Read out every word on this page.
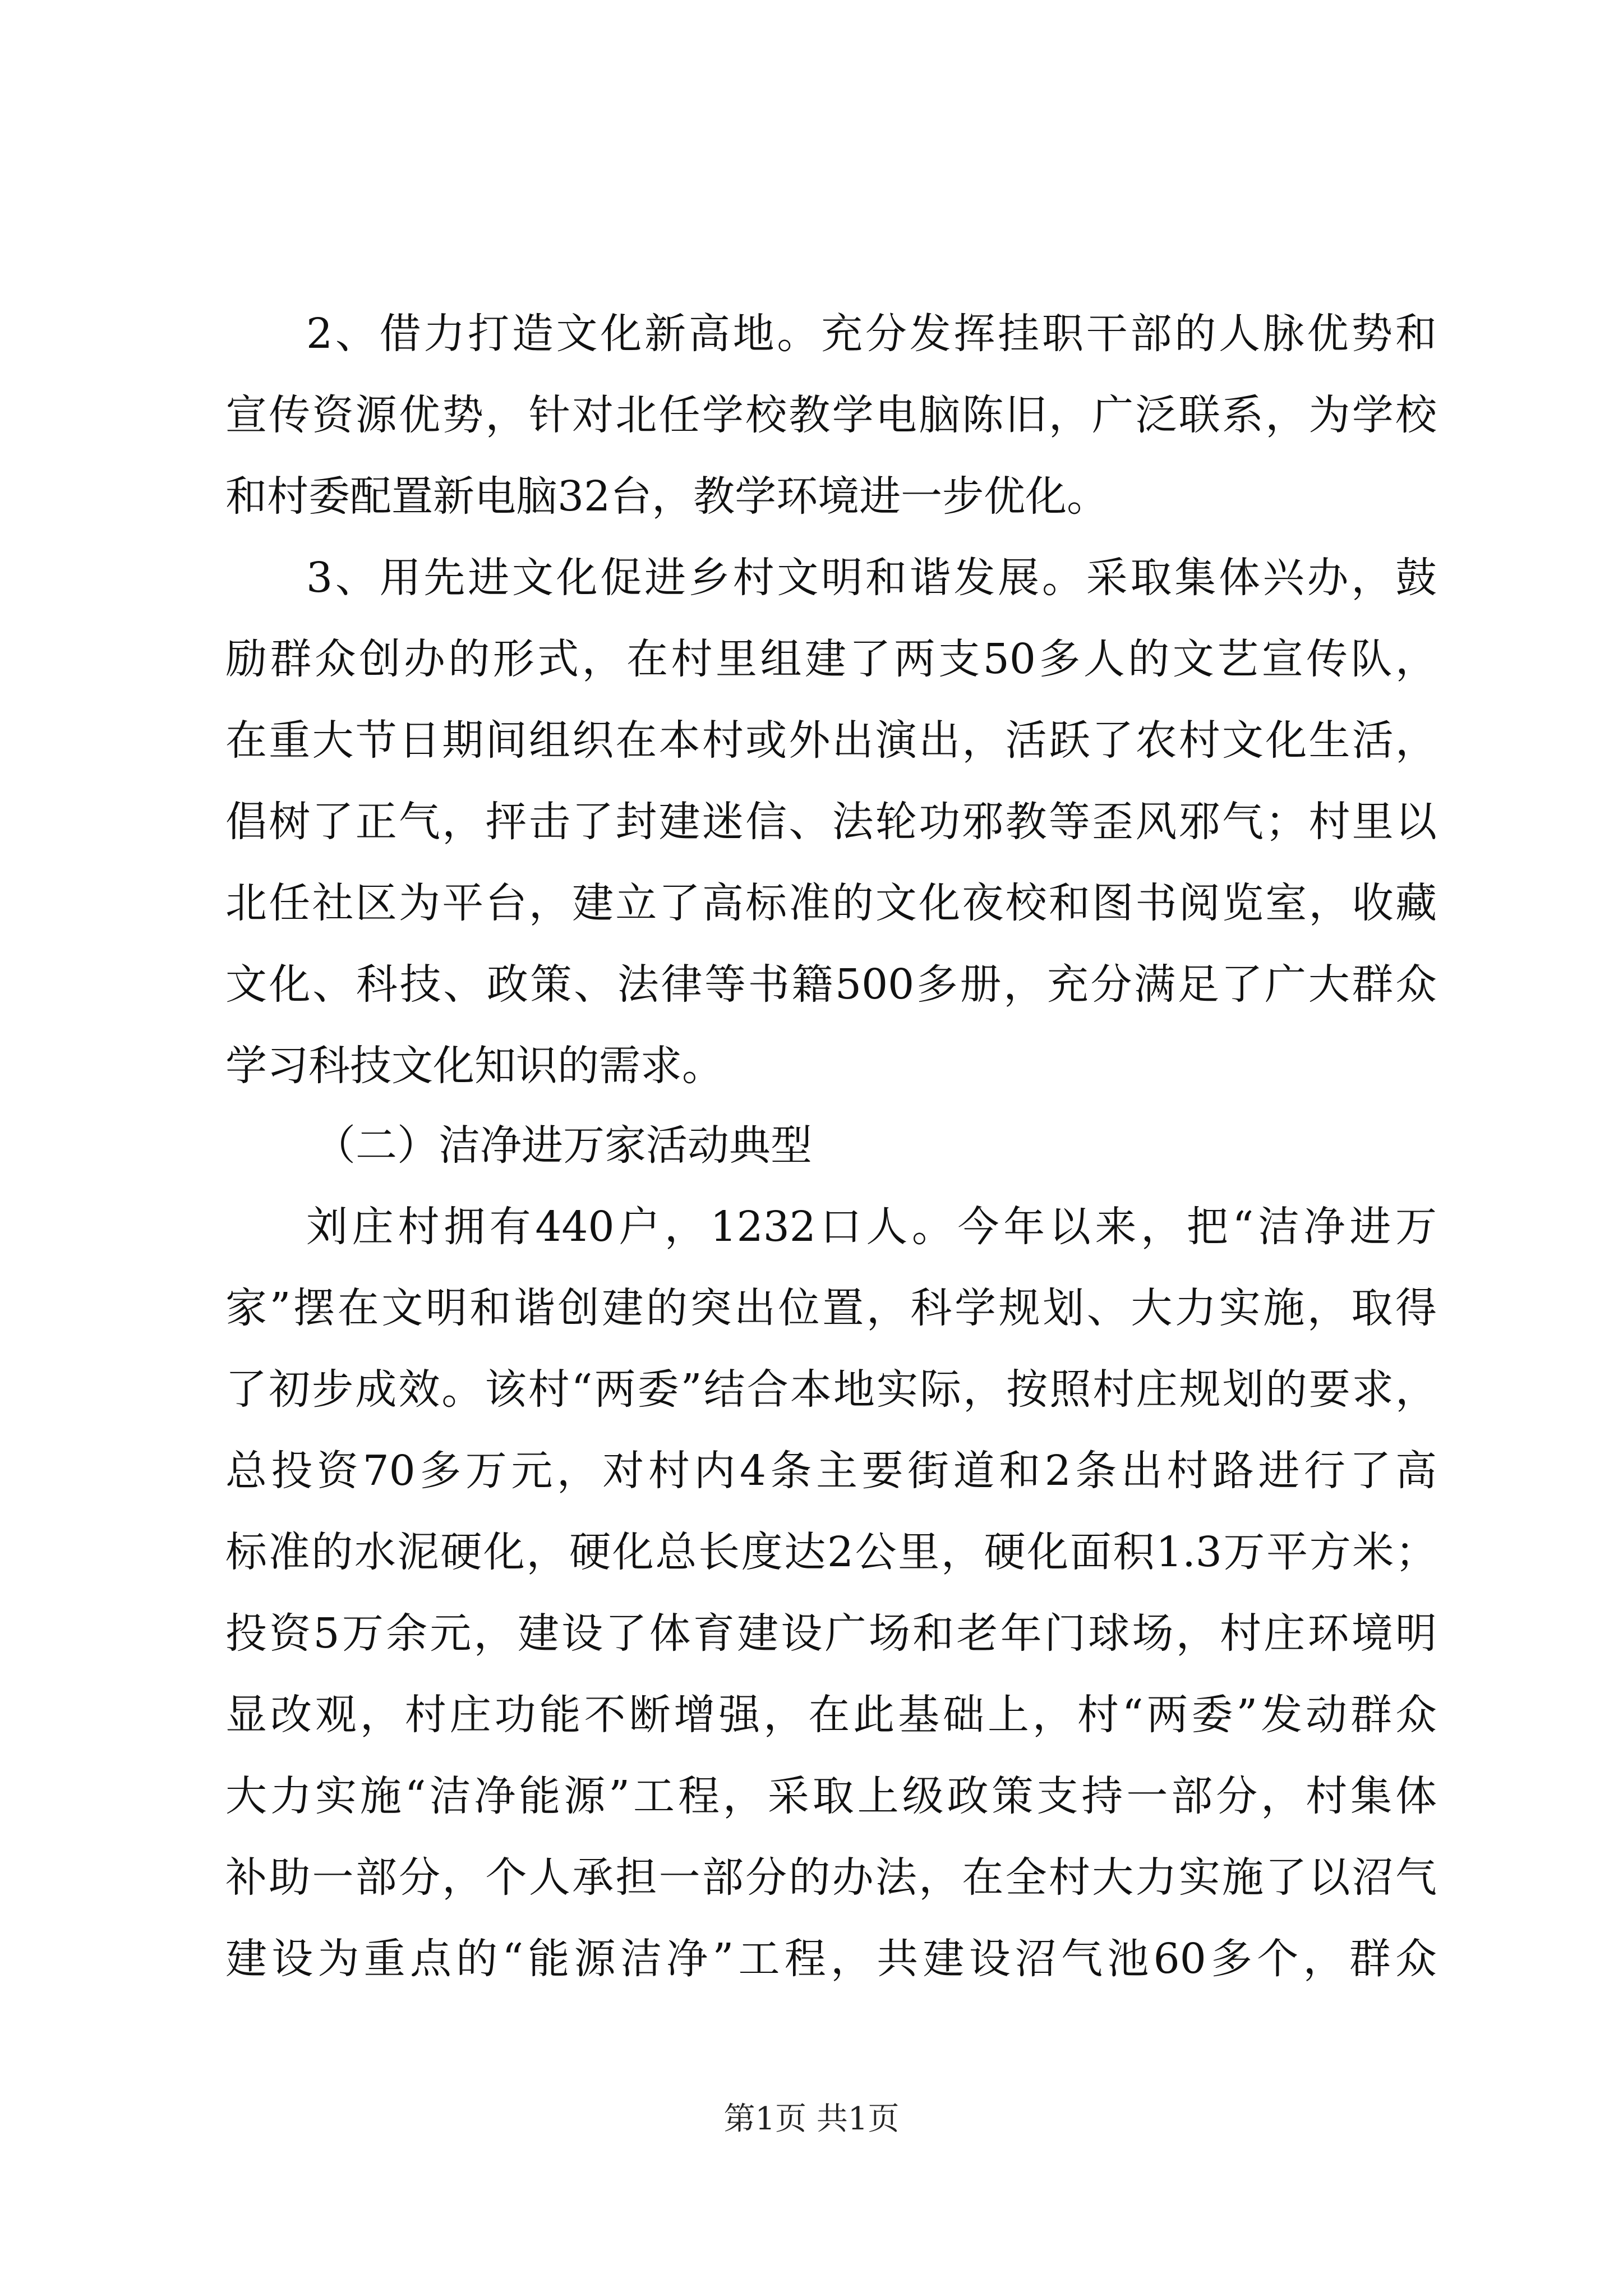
2、借力打造文化新高地。充分发挥挂职干部的人脉优势和
宣传资源优势，针对北任学校教学电脑陈旧，广泛联系，为学校
和村委配置新电脑32台，教学环境进一步优化。
3、用先进文化促进乡村文明和谐发展。采取集体兴办，鼓
励群众创办的形式，在村里组建了两支50多人的文艺宣传队，
在重大节日期间组织在本村或外出演出，活跃了农村文化生活，
倡树了正气，抨击了封建迷信、法轮功邪教等歪风邪气；村里以
北任社区为平台，建立了高标准的文化夜校和图书阅览室，收藏
文化、科技、政策、法律等书籍500多册，充分满足了广大群众
学习科技文化知识的需求。
（二）洁净进万家活动典型
刘庄村拥有440户，1232口人。今年以来，把“洁净进万
家”摆在文明和谐创建的突出位置，科学规划、大力实施，取得
了初步成效。该村“两委”结合本地实际，按照村庄规划的要求，
总投资70多万元，对村内4条主要街道和2条出村路进行了高
标准的水泥硬化，硬化总长度达2公里，硬化面积1.3万平方米；
投资5万余元，建设了体育建设广场和老年门球场，村庄环境明
显改观，村庄功能不断增强，在此基础上，村“两委”发动群众
大力实施“洁净能源”工程，采取上级政策支持一部分，村集体
补助一部分，个人承担一部分的办法，在全村大力实施了以沼气
建设为重点的“能源洁净”工程，共建设沼气池60多个，群众
第1页 共1页
